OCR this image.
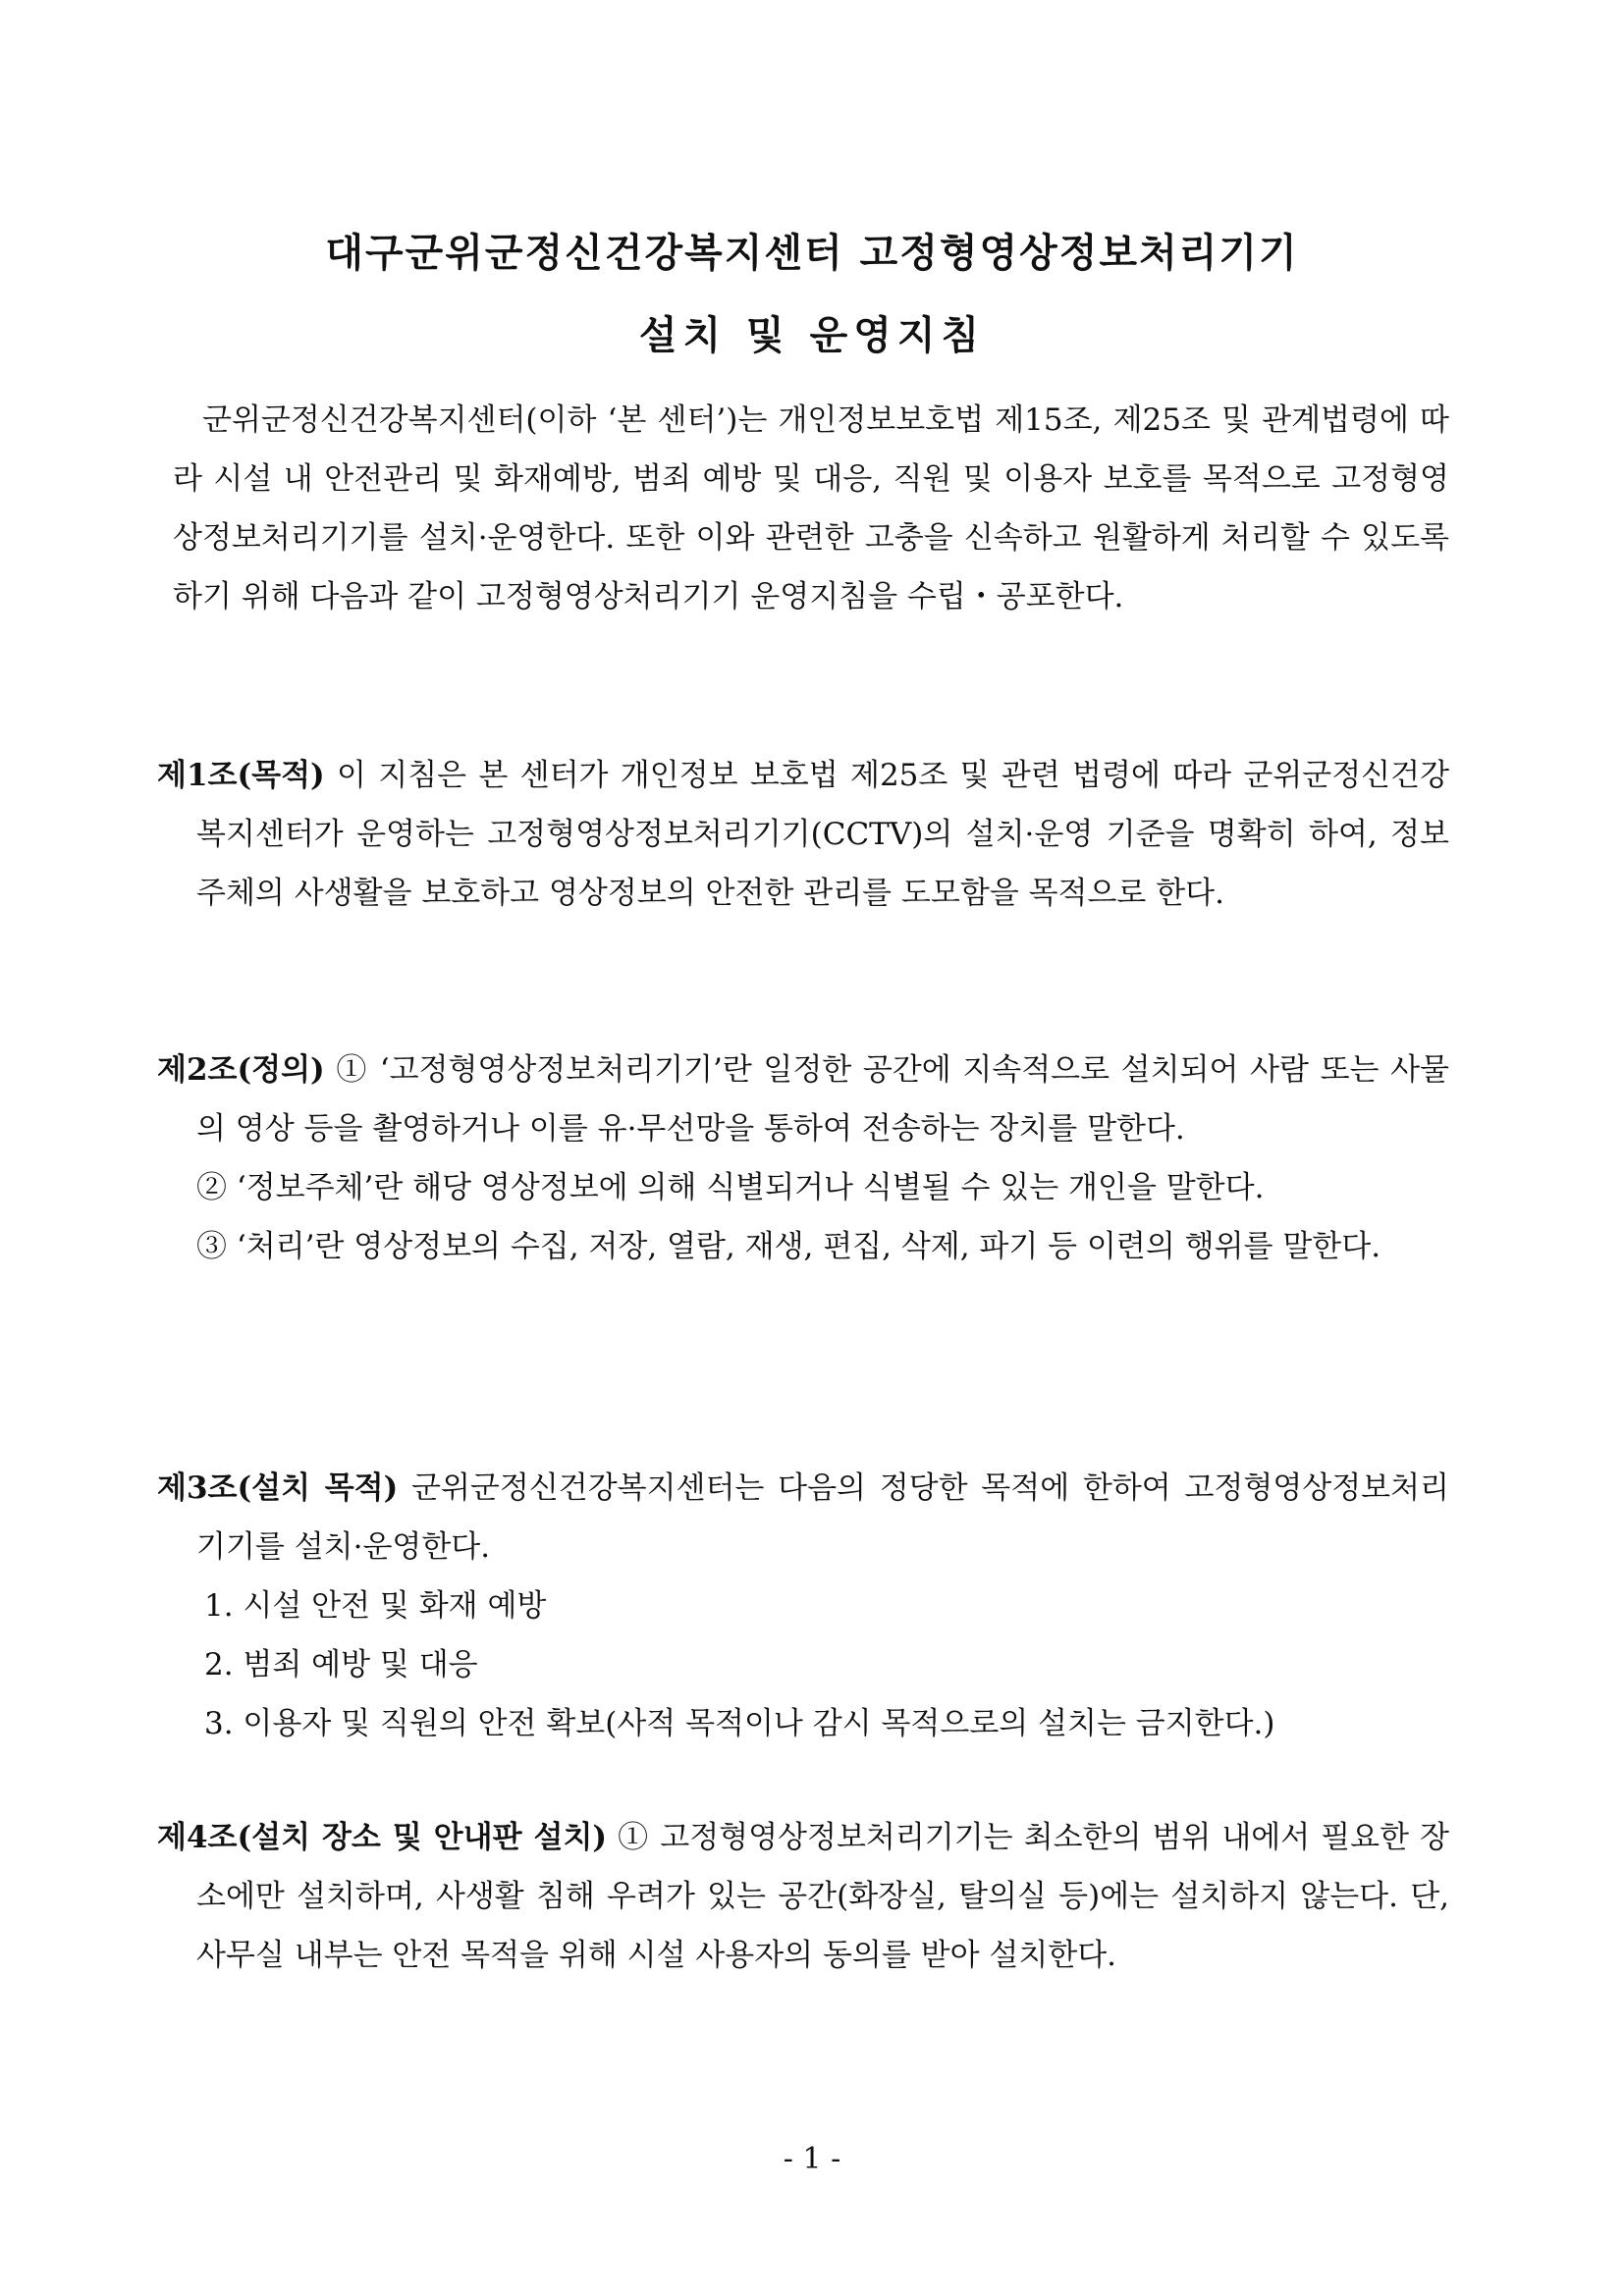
대구군위군정신건강복지센터 고정형영상정보처리기기
설치 및 운영지침
군위군정신건강복지센터(이하 ‘본 센터’)는 개인정보보호법 제15조, 제25조 및 관계법령에 따라 시설 내 안전관리 및 화재예방, 범죄 예방 및 대응, 직원 및 이용자 보호를 목적으로 고정형영상정보처리기기를 설치·운영한다. 또한 이와 관련한 고충을 신속하고 원활하게 처리할 수 있도록 하기 위해 다음과 같이 고정형영상처리기기 운영지침을 수립・공포한다.

제1조(목적) 이 지침은 본 센터가 개인정보 보호법 제25조 및 관련 법령에 따라 군위군정신건강복지센터가 운영하는 고정형영상정보처리기기(CCTV)의 설치·운영 기준을 명확히 하여, 정보주체의 사생활을 보호하고 영상정보의 안전한 관리를 도모함을 목적으로 한다.

제2조(정의) ① ‘고정형영상정보처리기기’란 일정한 공간에 지속적으로 설치되어 사람 또는 사물의 영상 등을 촬영하거나 이를 유·무선망을 통하여 전송하는 장치를 말한다.

② ‘정보주체’란 해당 영상정보에 의해 식별되거나 식별될 수 있는 개인을 말한다.

③ ‘처리’란 영상정보의 수집, 저장, 열람, 재생, 편집, 삭제, 파기 등 이련의 행위를 말한다.

제3조(설치 목적) 군위군정신건강복지센터는 다음의 정당한 목적에 한하여 고정형영상정보처리기기를 설치·운영한다.

1. 시설 안전 및 화재 예방

2. 범죄 예방 및 대응

3. 이용자 및 직원의 안전 확보(사적 목적이나 감시 목적으로의 설치는 금지한다.)

제4조(설치 장소 및 안내판 설치) ① 고정형영상정보처리기기는 최소한의 범위 내에서 필요한 장소에만 설치하며, 사생활 침해 우려가 있는 공간(화장실, 탈의실 등)에는 설치하지 않는다. 단, 사무실 내부는 안전 목적을 위해 시설 사용자의 동의를 받아 설치한다.

- 1 -
